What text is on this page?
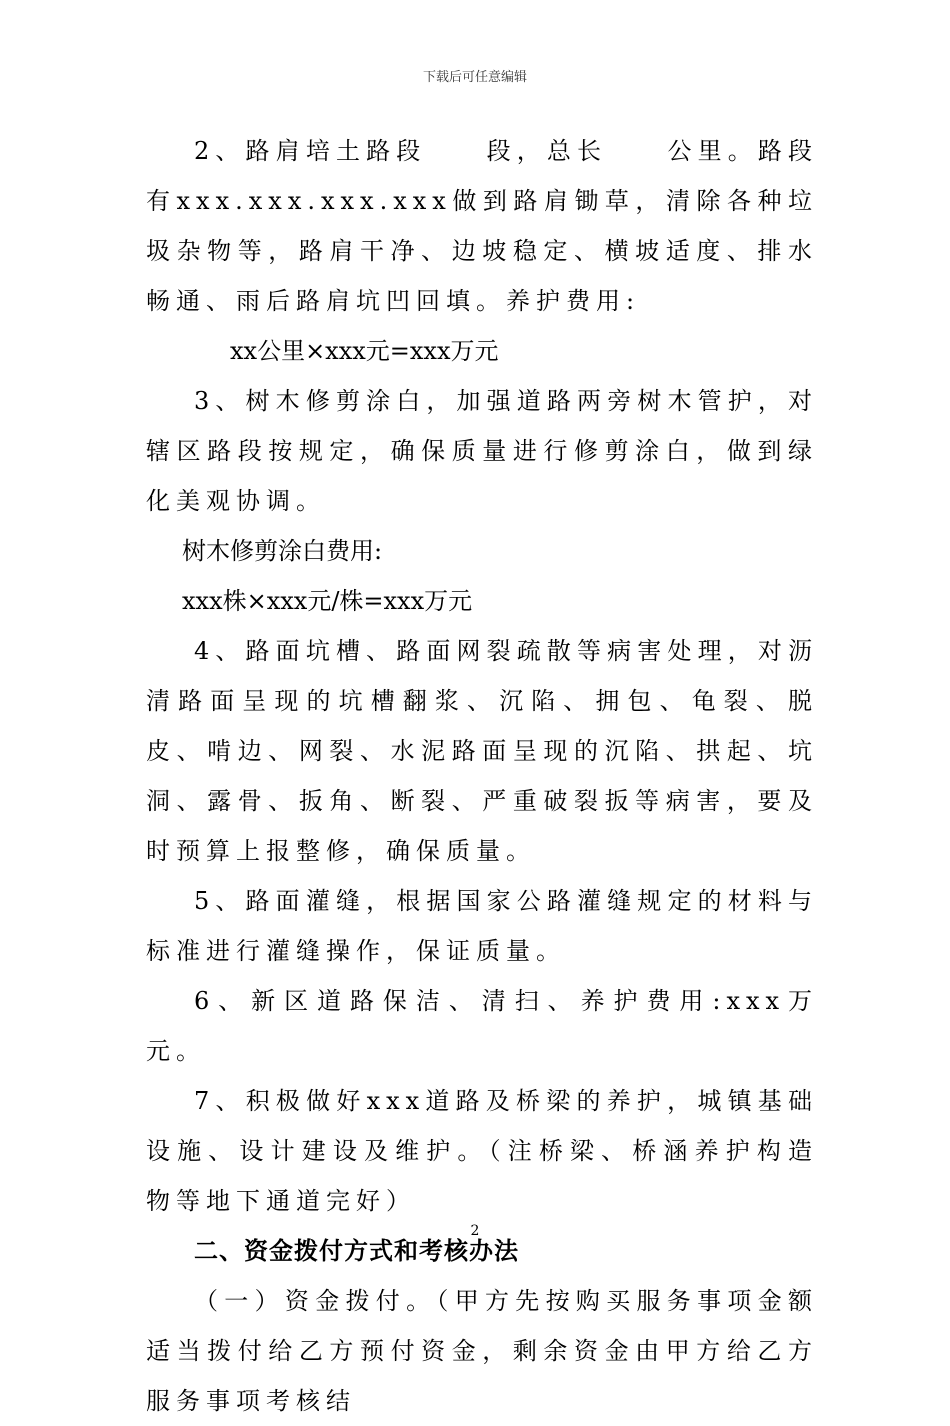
下载后可任意编辑

2、路肩培土路段　　段，总长　　公里。路段有xxx.xxx.xxx.xxx做到路肩锄草，清除各种垃圾杂物等，路肩干净、边坡稳定、横坡适度、排水畅通、雨后路肩坑凹回填。养护费用:

xx公里×xxx元=xxx万元

3、树木修剪涂白，加强道路两旁树木管护，对辖区路段按规定，确保质量进行修剪涂白，做到绿化美观协调。

树木修剪涂白费用:

xxx株×xxx元/株=xxx万元

4、路面坑槽、路面网裂疏散等病害处理，对沥清路面呈现的坑槽翻浆、沉陷、拥包、龟裂、脱皮、啃边、网裂、水泥路面呈现的沉陷、拱起、坑洞、露骨、扳角、断裂、严重破裂扳等病害，要及时预算上报整修，确保质量。

5、路面灌缝，根据国家公路灌缝规定的材料与标准进行灌缝操作，保证质量。

6、新区道路保洁、清扫、养护费用:xxx万元。

7、积极做好xxx道路及桥梁的养护，城镇基础设施、设计建设及维护。（注桥梁、桥涵养护构造物等地下通道完好）

二、资金拨付方式和考核办法

（一）资金拨付。（甲方先按购买服务事项金额适当拨付给乙方预付资金，剩余资金由甲方给乙方服务事项考核结

2
